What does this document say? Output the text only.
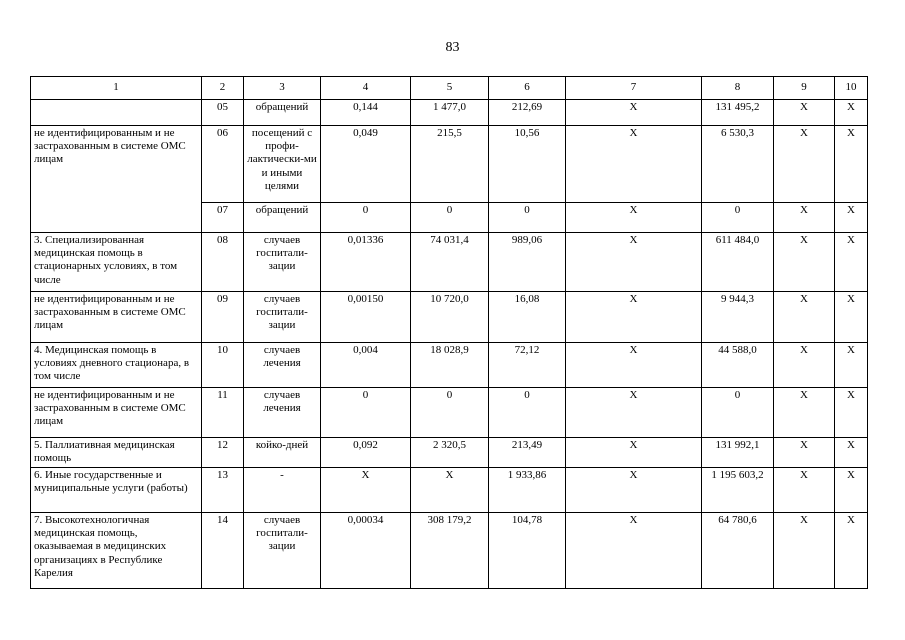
83
1	2	3	4	5	6	7	8	9	10
	05	обращений	0,144	1 477,0	212,69	Х	131 495,2	Х	Х
не идентифицированным и не застрахованным в системе ОМС лицам	06	посещений с профи-лактически-ми и иными целями	0,049	215,5	10,56	Х	6 530,3	Х	Х
	07	обращений	0	0	0	Х	0	Х	Х
3. Специализированная медицинская помощь в стационарных условиях, в том числе	08	случаев госпитали-зации	0,01336	74 031,4	989,06	Х	611 484,0	Х	Х
не идентифицированным и не застрахованным в системе ОМС лицам	09	случаев госпитали-зации	0,00150	10 720,0	16,08	Х	9 944,3	Х	Х
4. Медицинская помощь в условиях дневного стационара, в том числе	10	случаев лечения	0,004	18 028,9	72,12	Х	44 588,0	Х	Х
не идентифицированным и не застрахованным в системе ОМС лицам	11	случаев лечения	0	0	0	Х	0	Х	Х
5. Паллиативная медицинская помощь	12	койко-дней	0,092	2 320,5	213,49	Х	131 992,1	Х	Х
6. Иные государственные и муниципальные услуги (работы)	13	-	Х	Х	1 933,86	Х	1 195 603,2	Х	Х
7. Высокотехнологичная медицинская помощь, оказываемая в медицинских организациях в Республике Карелия	14	случаев госпитали-зации	0,00034	308 179,2	104,78	Х	64 780,6	Х	Х
